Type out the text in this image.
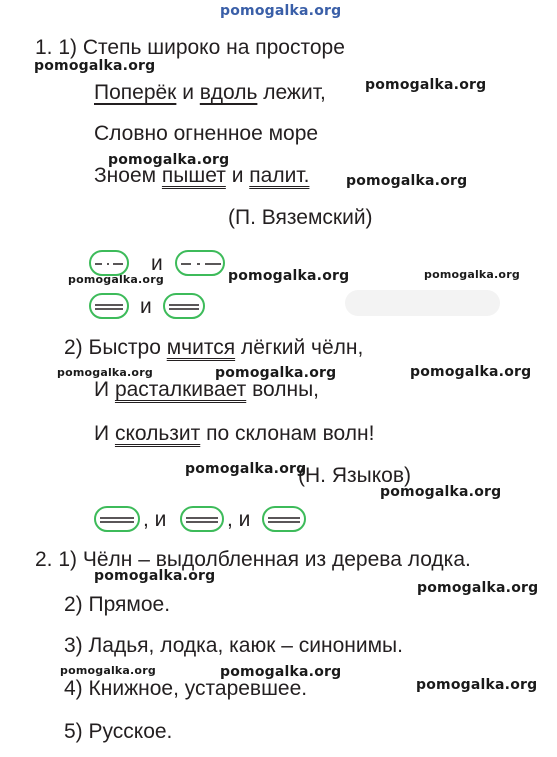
pomogalka.org
1. 1) Степь широко на просторе
Поперёк и вдоль лежит,
Словно огненное море
Зноем пышет и палит.
(П. Вяземский)
и
и
2) Быстро мчится лёгкий чёлн,
И расталкивает волны,
И скользит по склонам волн!
(Н. Языков)
, и	, и
2. 1) Чёлн – выдолбленная из дерева лодка.
2) Прямое.
3) Ладья, лодка, каюк – синонимы.
4) Книжное, устаревшее.
5) Русское.
pomogalka.org
pomogalka.org
pomogalka.org
pomogalka.org
pomogalka.org	pomogalka.org	pomogalka.org
pomogalka.org	pomogalka.org	pomogalka.org
pomogalka.org
pomogalka.org
pomogalka.org
pomogalka.org
pomogalka.org	pomogalka.org
pomogalka.org
